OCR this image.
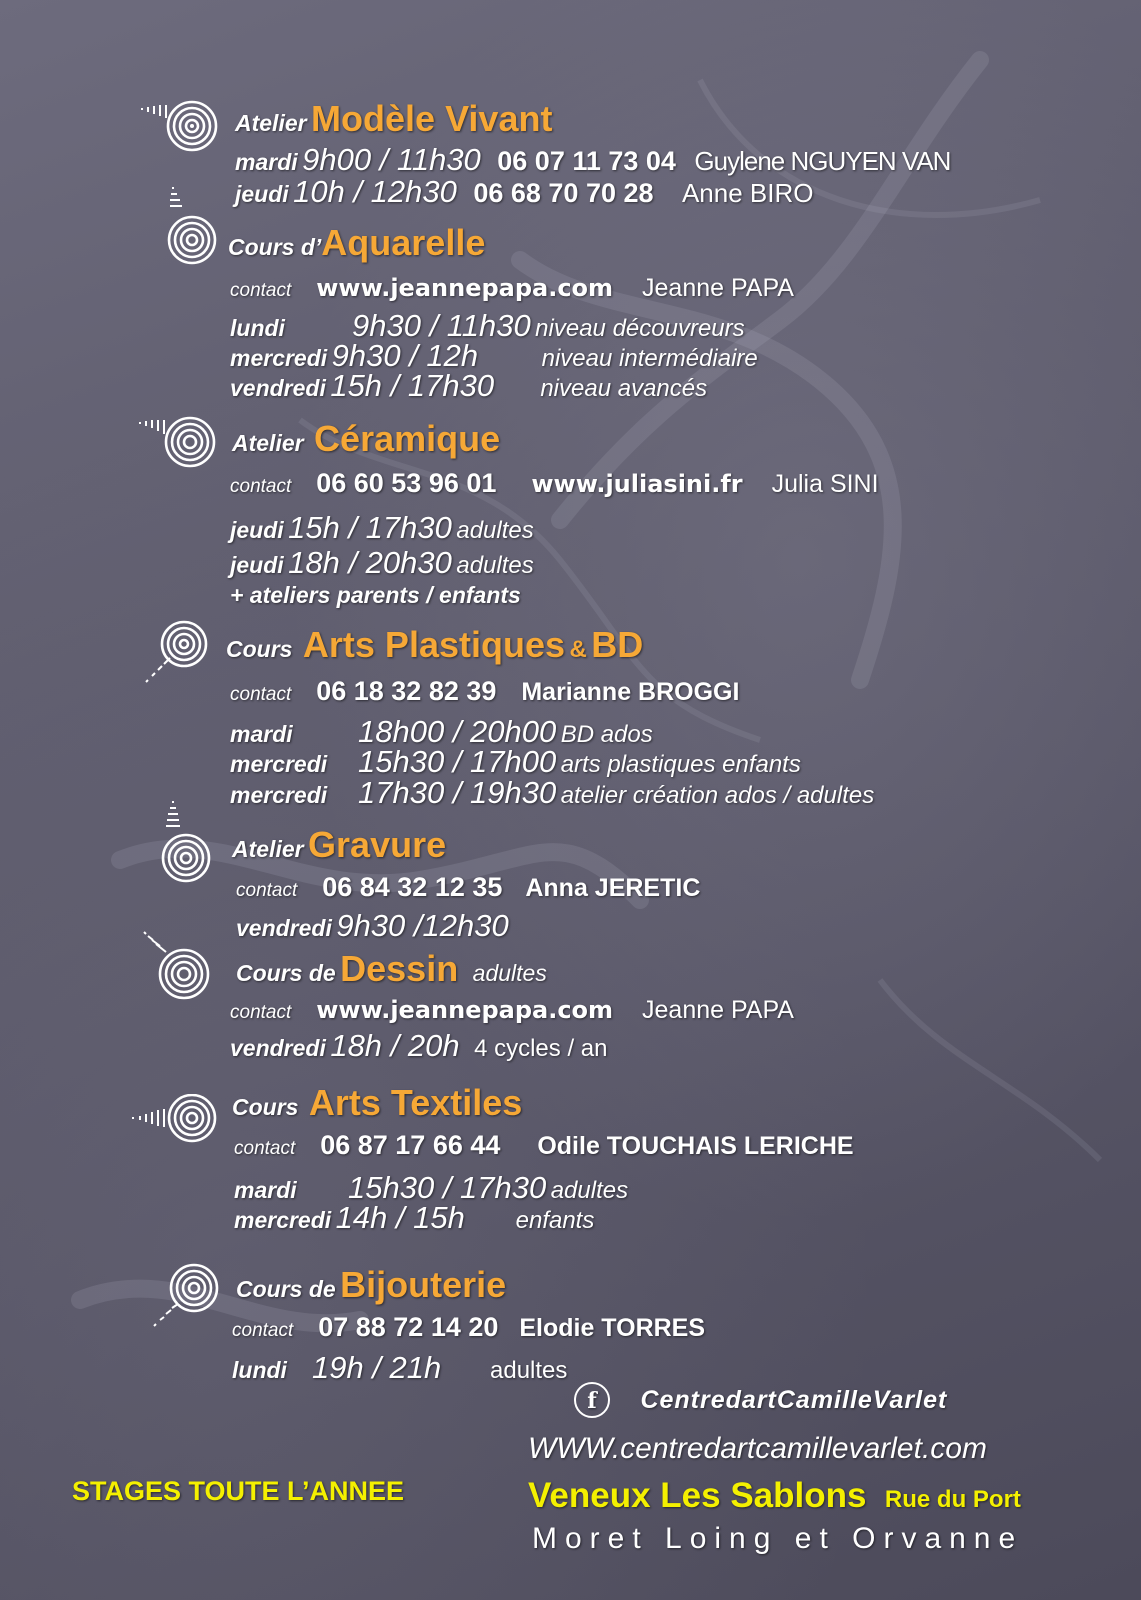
Atelier Modèle Vivant
mardi 9h00 / 11h30 06 07 11 73 04 Guylene NGUYEN VAN
jeudi 10h / 12h30 06 68 70 70 28 Anne BIRO
Cours d’Aquarelle
contact www.jeannepapa.com Jeanne PAPA
lundi 9h30 / 11h30 niveau découvreurs
mercredi 9h30 / 12h	niveau intermédiaire
vendredi 15h / 17h30 niveau avancés
Atelier Céramique
contact 06 60 53 96 01 www.juliasini.fr Julia SINI
jeudi 15h / 17h30 adultes
jeudi 18h / 20h30 adultes
+ ateliers parents / enfants
Cours Arts Plastiques & BD
contact 06 18 32 82 39 Marianne BROGGI
mardi 18h00 / 20h00 BD ados
mercredi 15h30 / 17h00 arts plastiques enfants
mercredi 17h30 / 19h30 atelier création ados / adultes
Atelier Gravure
contact 06 84 32 12 35 Anna JERETIC
vendredi 9h30 /12h30
Cours de Dessin adultes
contact www.jeannepapa.com Jeanne PAPA
vendredi 18h / 20h 4 cycles / an
Cours Arts Textiles
contact 06 87 17 66 44 Odile TOUCHAIS LERICHE
mardi 15h30 / 17h30 adultes
mercredi 14h / 15h enfants
Cours de Bijouterie
contact 07 88 72 14 20 Elodie TORRES
lundi 19h / 21h adultes
f CentredartCamilleVarlet
WWW.centredartcamillevarlet.com
STAGES TOUTE L’ANNEE	Veneux Les Sablons Rue du Port
Moret Loing et Orvanne
